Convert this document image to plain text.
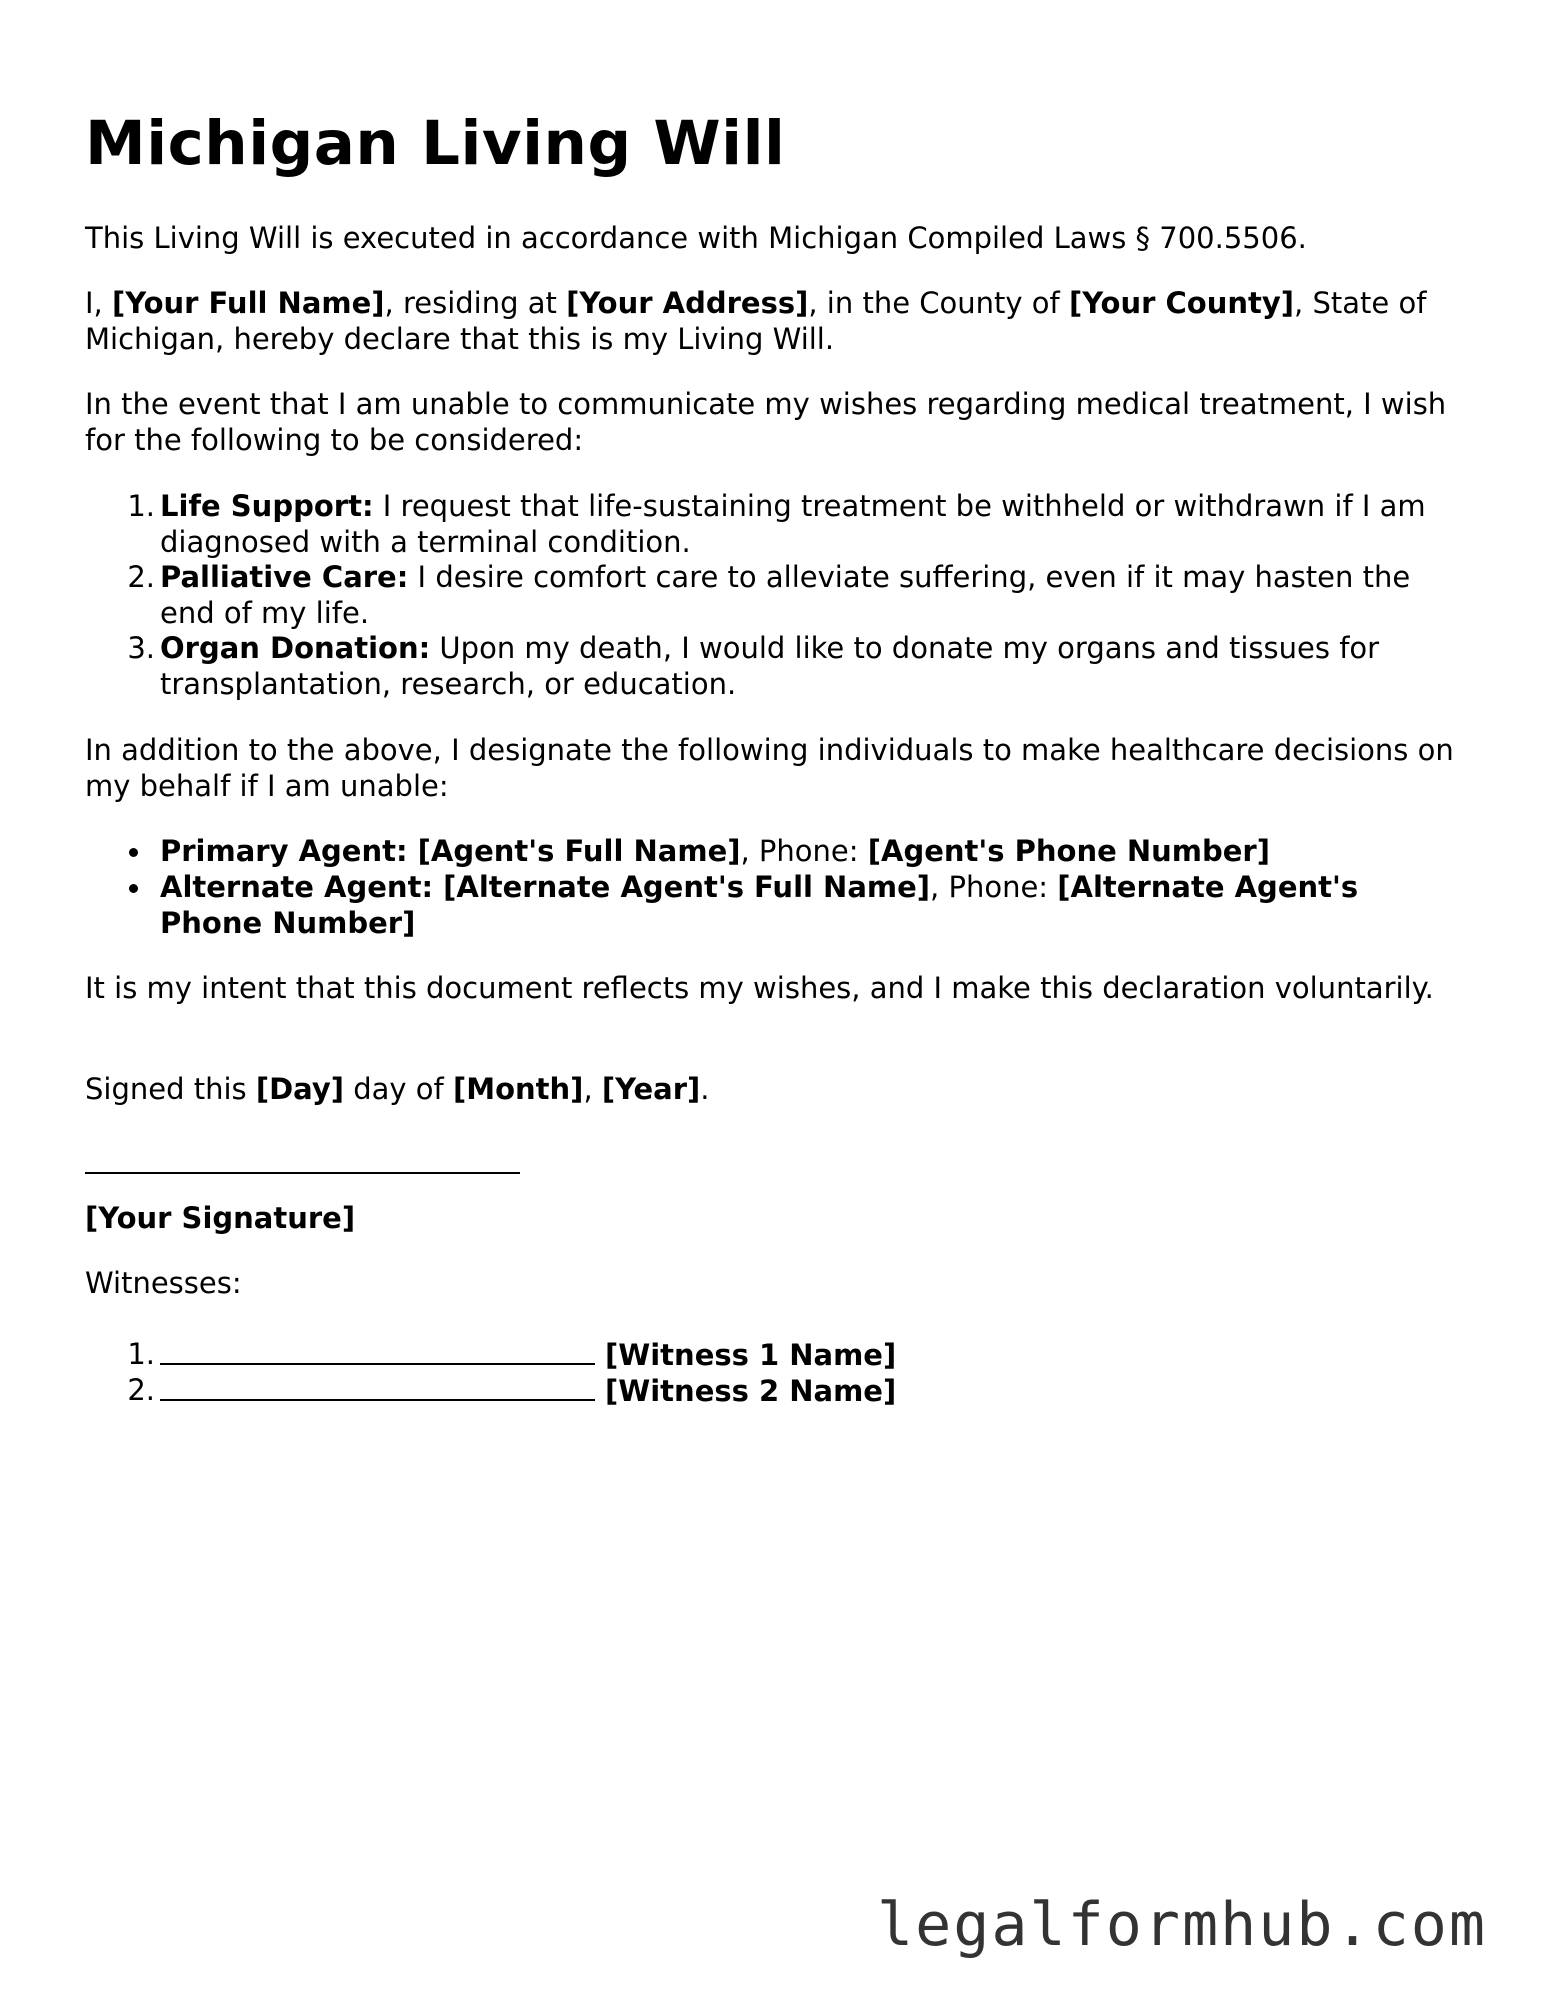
Michigan Living Will

This Living Will is executed in accordance with Michigan Compiled Laws § 700.5506.

I, [Your Full Name], residing at [Your Address], in the County of [Your County], State of Michigan, hereby declare that this is my Living Will.

In the event that I am unable to communicate my wishes regarding medical treatment, I wish for the following to be considered:

1. Life Support: I request that life-sustaining treatment be withheld or withdrawn if I am diagnosed with a terminal condition.
2. Palliative Care: I desire comfort care to alleviate suffering, even if it may hasten the end of my life.
3. Organ Donation: Upon my death, I would like to donate my organs and tissues for transplantation, research, or education.

In addition to the above, I designate the following individuals to make healthcare decisions on my behalf if I am unable:

Primary Agent: [Agent's Full Name], Phone: [Agent's Phone Number]
Alternate Agent: [Alternate Agent's Full Name], Phone: [Alternate Agent's Phone Number]

It is my intent that this document reflects my wishes, and I make this declaration voluntarily.

Signed this [Day] day of [Month], [Year].

[Your Signature]

Witnesses:

1.	[Witness 1 Name]
2.	[Witness 2 Name]
legalformhub.com
